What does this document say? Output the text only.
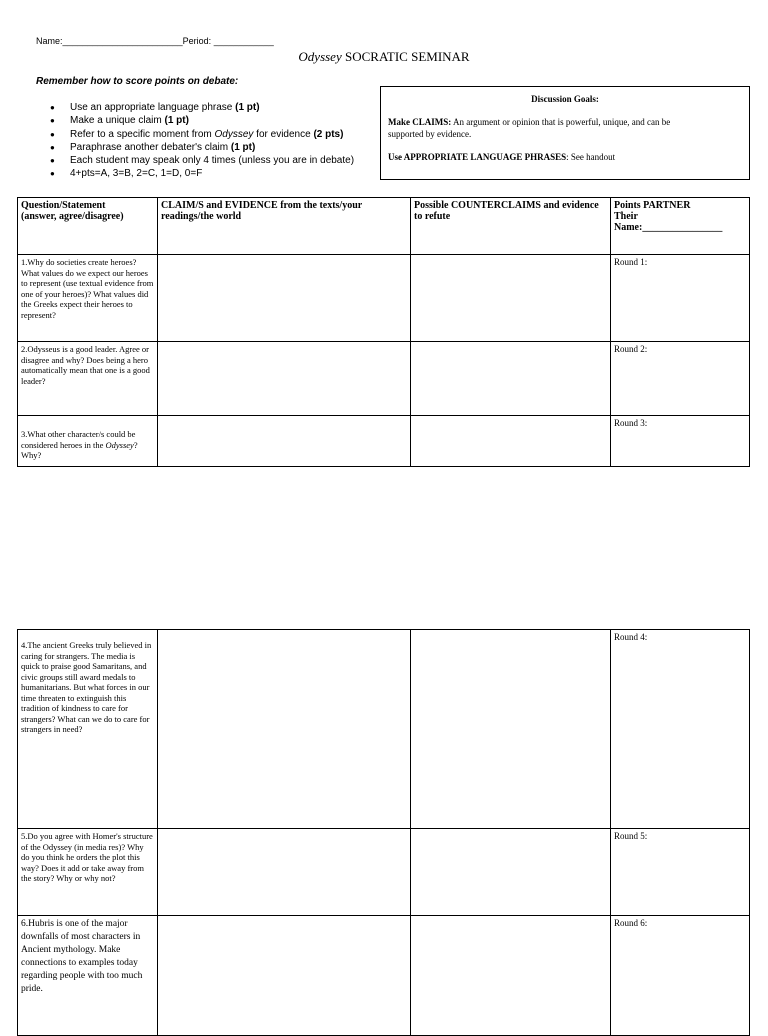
Name:________________________Period: ____________
Odyssey SOCRATIC SEMINAR
Remember how to score points on debate:
● Use an appropriate language phrase (1 pt)
● Make a unique claim (1 pt)
● Refer to a specific moment from Odyssey for evidence (2 pts)
● Paraphrase another debater's claim (1 pt)
● Each student may speak only 4 times (unless you are in debate)
● 4+pts=A, 3=B, 2=C, 1=D, 0=F
Discussion Goals:
Make CLAIMS: An argument or opinion that is powerful, unique, and can be
supported by evidence.
Use APPROPRIATE LANGUAGE PHRASES: See handout
Question/Statement
(answer, agree/disagree)	CLAIM/S and EVIDENCE from the texts/your readings/the world	Possible COUNTERCLAIMS and evidence to refute	Points PARTNER
Their
Name:________________
1.Why do societies create heroes? What values do we expect our heroes to represent (use textual evidence from one of your heroes)? What values did the Greeks expect their heroes to represent?			Round 1:
2.Odysseus is a good leader. Agree or disagree and why? Does being a hero automatically mean that one is a good leader?			Round 2:
3.What other character/s could be considered heroes in the Odyssey? Why?			Round 3:
4.The ancient Greeks truly believed in caring for strangers. The media is quick to praise good Samaritans, and civic groups still award medals to humanitarians. But what forces in our time threaten to extinguish this tradition of kindness to care for strangers? What can we do to care for strangers in need?			Round 4:
5.Do you agree with Homer's structure of the Odyssey (in media res)? Why do you think he orders the plot this way? Does it add or take away from the story? Why or why not?			Round 5:
6.Hubris is one of the major downfalls of most characters in Ancient mythology. Make connections to examples today regarding people with too much pride.			Round 6:
